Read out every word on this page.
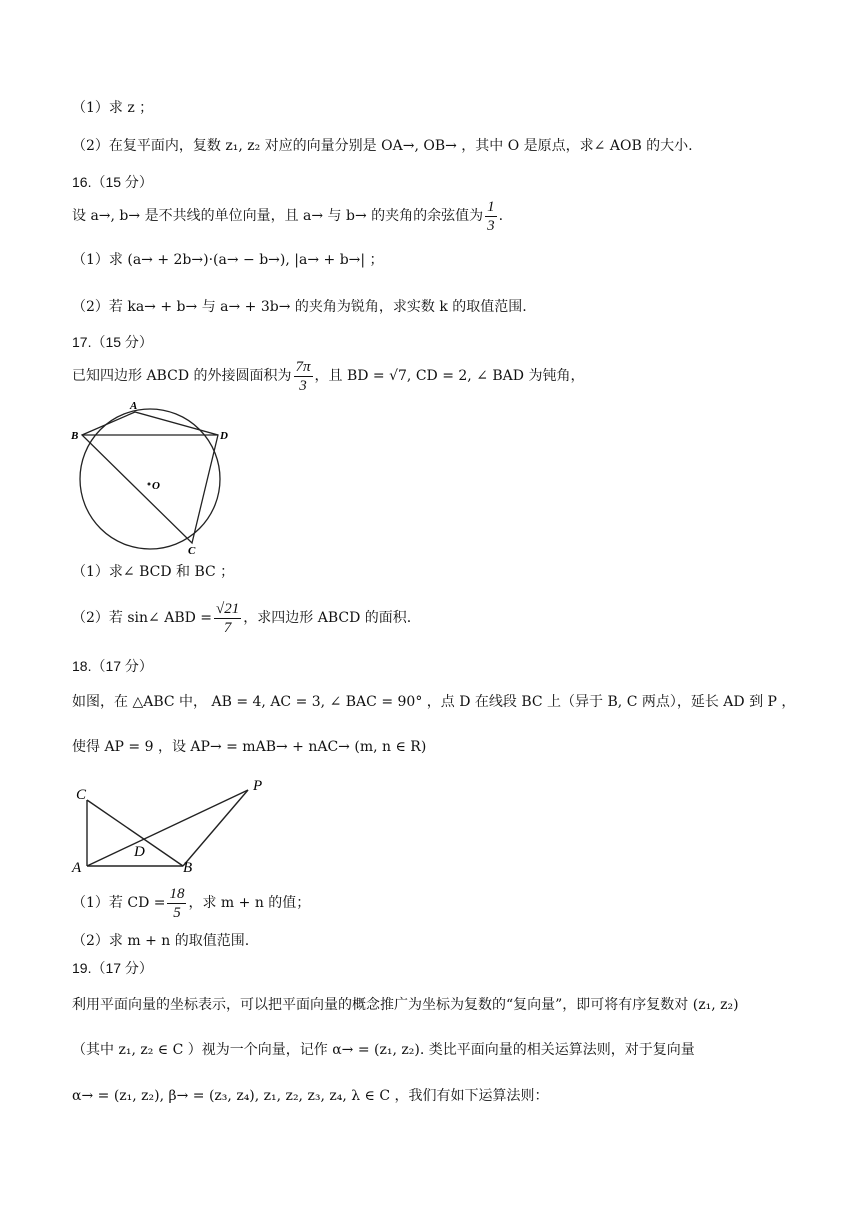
（1）求 z ；
（2）在复平面内，复数 z₁, z₂ 对应的向量分别是 OA→, OB→ ，其中 O 是原点，求∠ AOB 的大小.
16.（15 分）
设 a→, b→ 是不共线的单位向量，且 a→ 与 b→ 的夹角的余弦值为 $\frac{1}{3}$ .
（1）求 (a→ + 2b→)·(a→ − b→), |a→ + b→| ；
（2）若 ka→ + b→ 与 a→ + 3b→ 的夹角为锐角，求实数 k 的取值范围.
17.（15 分）
已知四边形 ABCD 的外接圆面积为 $\frac{7\pi}{3}$ ，且 BD = √7, CD = 2, ∠ BAD 为钝角，
A
B	D
C
O
（1）求∠ BCD 和 BC ；
（2）若 sin∠ ABD = $\frac{√21}{7}$ ，求四边形 ABCD 的面积.
18.（17 分）
如图，在 △ABC 中， AB = 4, AC = 3, ∠ BAC = 90° ，点 D 在线段 BC 上（异于 B, C 两点），延长 AD 到 P ，
使得 AP = 9 ，设 AP→ = mAB→ + nAC→ (m, n ∈ R)
C
A
D
B
P
（1）若 CD = $\frac{18}{5}$ ，求 m + n 的值；
（2）求 m + n 的取值范围.
19.（17 分）
利用平面向量的坐标表示，可以把平面向量的概念推广为坐标为复数的“复向量”，即可将有序复数对 (z₁, z₂)
（其中 z₁, z₂ ∈ C ）视为一个向量，记作 α→ = (z₁, z₂). 类比平面向量的相关运算法则，对于复向量
α→ = (z₁, z₂), β→ = (z₃, z₄), z₁, z₂, z₃, z₄, λ ∈ C ，我们有如下运算法则：
